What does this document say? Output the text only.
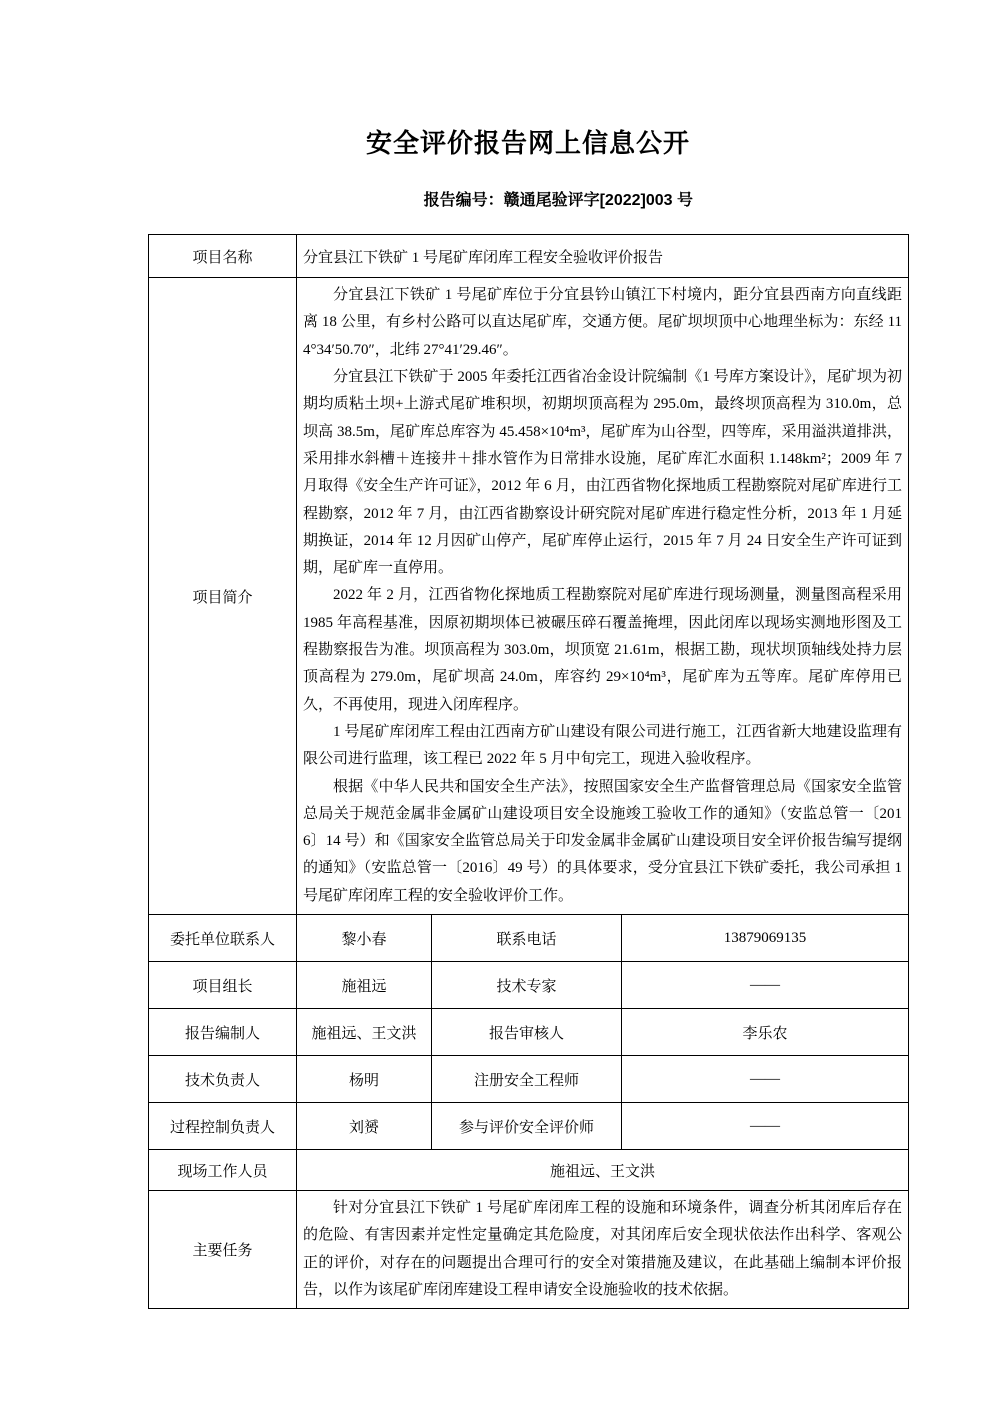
安全评价报告网上信息公开
报告编号：赣通尾验评字[2022]003 号
项目名称	分宜县江下铁矿 1 号尾矿库闭库工程安全验收评价报告		
项目简介	分宜县江下铁矿 1 号尾矿库位于分宜县钤山镇江下村境内，距分宜县西南方向直线距离 18 公里，有乡村公路可以直达尾矿库，交通方便。尾矿坝坝顶中心地理坐标为：东经 114°34′50.70″，北纬 27°41′29.46″。

分宜县江下铁矿于 2005 年委托江西省冶金设计院编制《1 号库方案设计》，尾矿坝为初期均质粘土坝+上游式尾矿堆积坝，初期坝顶高程为 295.0m，最终坝顶高程为 310.0m，总坝高 38.5m，尾矿库总库容为 45.458×10⁴m³，尾矿库为山谷型，四等库，采用溢洪道排洪，采用排水斜槽＋连接井＋排水管作为日常排水设施，尾矿库汇水面积 1.148km²；2009 年 7 月取得《安全生产许可证》，2012 年 6 月，由江西省物化探地质工程勘察院对尾矿库进行工程勘察，2012 年 7 月，由江西省勘察设计研究院对尾矿库进行稳定性分析，2013 年 1 月延期换证，2014 年 12 月因矿山停产，尾矿库停止运行，2015 年 7 月 24 日安全生产许可证到期，尾矿库一直停用。

2022 年 2 月，江西省物化探地质工程勘察院对尾矿库进行现场测量，测量图高程采用 1985 年高程基准，因原初期坝体已被碾压碎石覆盖掩埋，因此闭库以现场实测地形图及工程勘察报告为准。坝顶高程为 303.0m，坝顶宽 21.61m，根据工勘，现状坝顶轴线处持力层顶高程为 279.0m，尾矿坝高 24.0m，库容约 29×10⁴m³，尾矿库为五等库。尾矿库停用已久，不再使用，现进入闭库程序。

1 号尾矿库闭库工程由江西南方矿山建设有限公司进行施工，江西省新大地建设监理有限公司进行监理，该工程已 2022 年 5 月中旬完工，现进入验收程序。

根据《中华人民共和国安全生产法》，按照国家安全生产监督管理总局《国家安全监管总局关于规范金属非金属矿山建设项目安全设施竣工验收工作的通知》（安监总管一〔2016〕14 号）和《国家安全监管总局关于印发金属非金属矿山建设项目安全评价报告编写提纲的通知》（安监总管一〔2016〕49 号）的具体要求，受分宜县江下铁矿委托，我公司承担 1 号尾矿库闭库工程的安全验收评价工作。		

委托单位联系人	黎小春	联系电话	13879069135
项目组长	施祖远	技术专家	——
报告编制人	施祖远、王文洪	报告审核人	李乐农
技术负责人	杨明	注册安全工程师	——
过程控制负责人	刘赟	参与评价安全评价师	——
现场工作人员	施祖远、王文洪		
主要任务	针对分宜县江下铁矿 1 号尾矿库闭库工程的设施和环境条件，调查分析其闭库后存在的危险、有害因素并定性定量确定其危险度，对其闭库后安全现状依法作出科学、客观公正的评价，对存在的问题提出合理可行的安全对策措施及建议，在此基础上编制本评价报告，以作为该尾矿库闭库建设工程申请安全设施验收的技术依据。		
